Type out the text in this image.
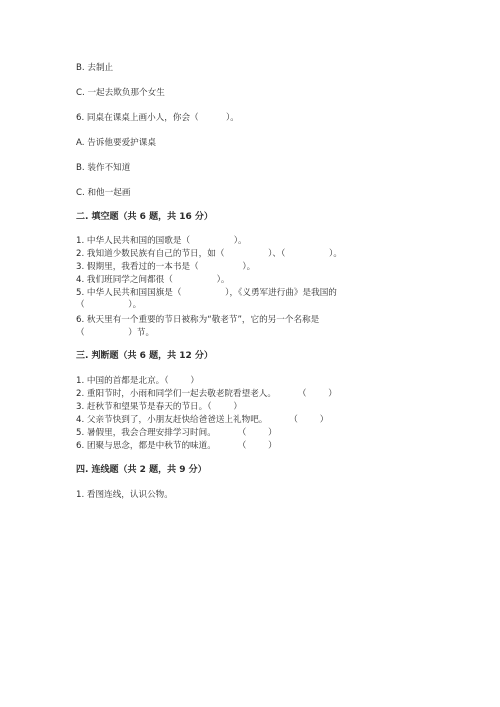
B. 去制止
C. 一起去欺负那个女生
6. 同桌在课桌上画小人，你会（          ）。
A. 告诉他要爱护课桌
B. 装作不知道
C. 和他一起画
二. 填空题（共 6 题，共 16 分）
1. 中华人民共和国的国歌是（                ）。
2. 我知道少数民族有自己的节日，如（                ）、（                ）。
3. 假期里，我看过的一本书是（                ）。
4. 我们班同学之间都很（                ）。
5. 中华人民共和国国旗是（                ），《义勇军进行曲》是我国的
（                ）。
6. 秋天里有一个重要的节日被称为“敬老节”，它的另一个名称是
（                ）节。
三. 判断题（共 6 题，共 12 分）
1. 中国的首都是北京。（        ）
2. 重阳节时，小雨和同学们一起去敬老院看望老人。        （        ）
3. 赶秋节和望果节是春天的节日。（        ）
4. 父亲节快到了，小朋友赶快给爸爸送上礼物吧。        （        ）
5. 暑假里，我会合理安排学习时间。        （        ）
6. 团聚与思念，都是中秋节的味道。        （        ）
四. 连线题（共 2 题，共 9 分）
1. 看图连线，认识公物。
